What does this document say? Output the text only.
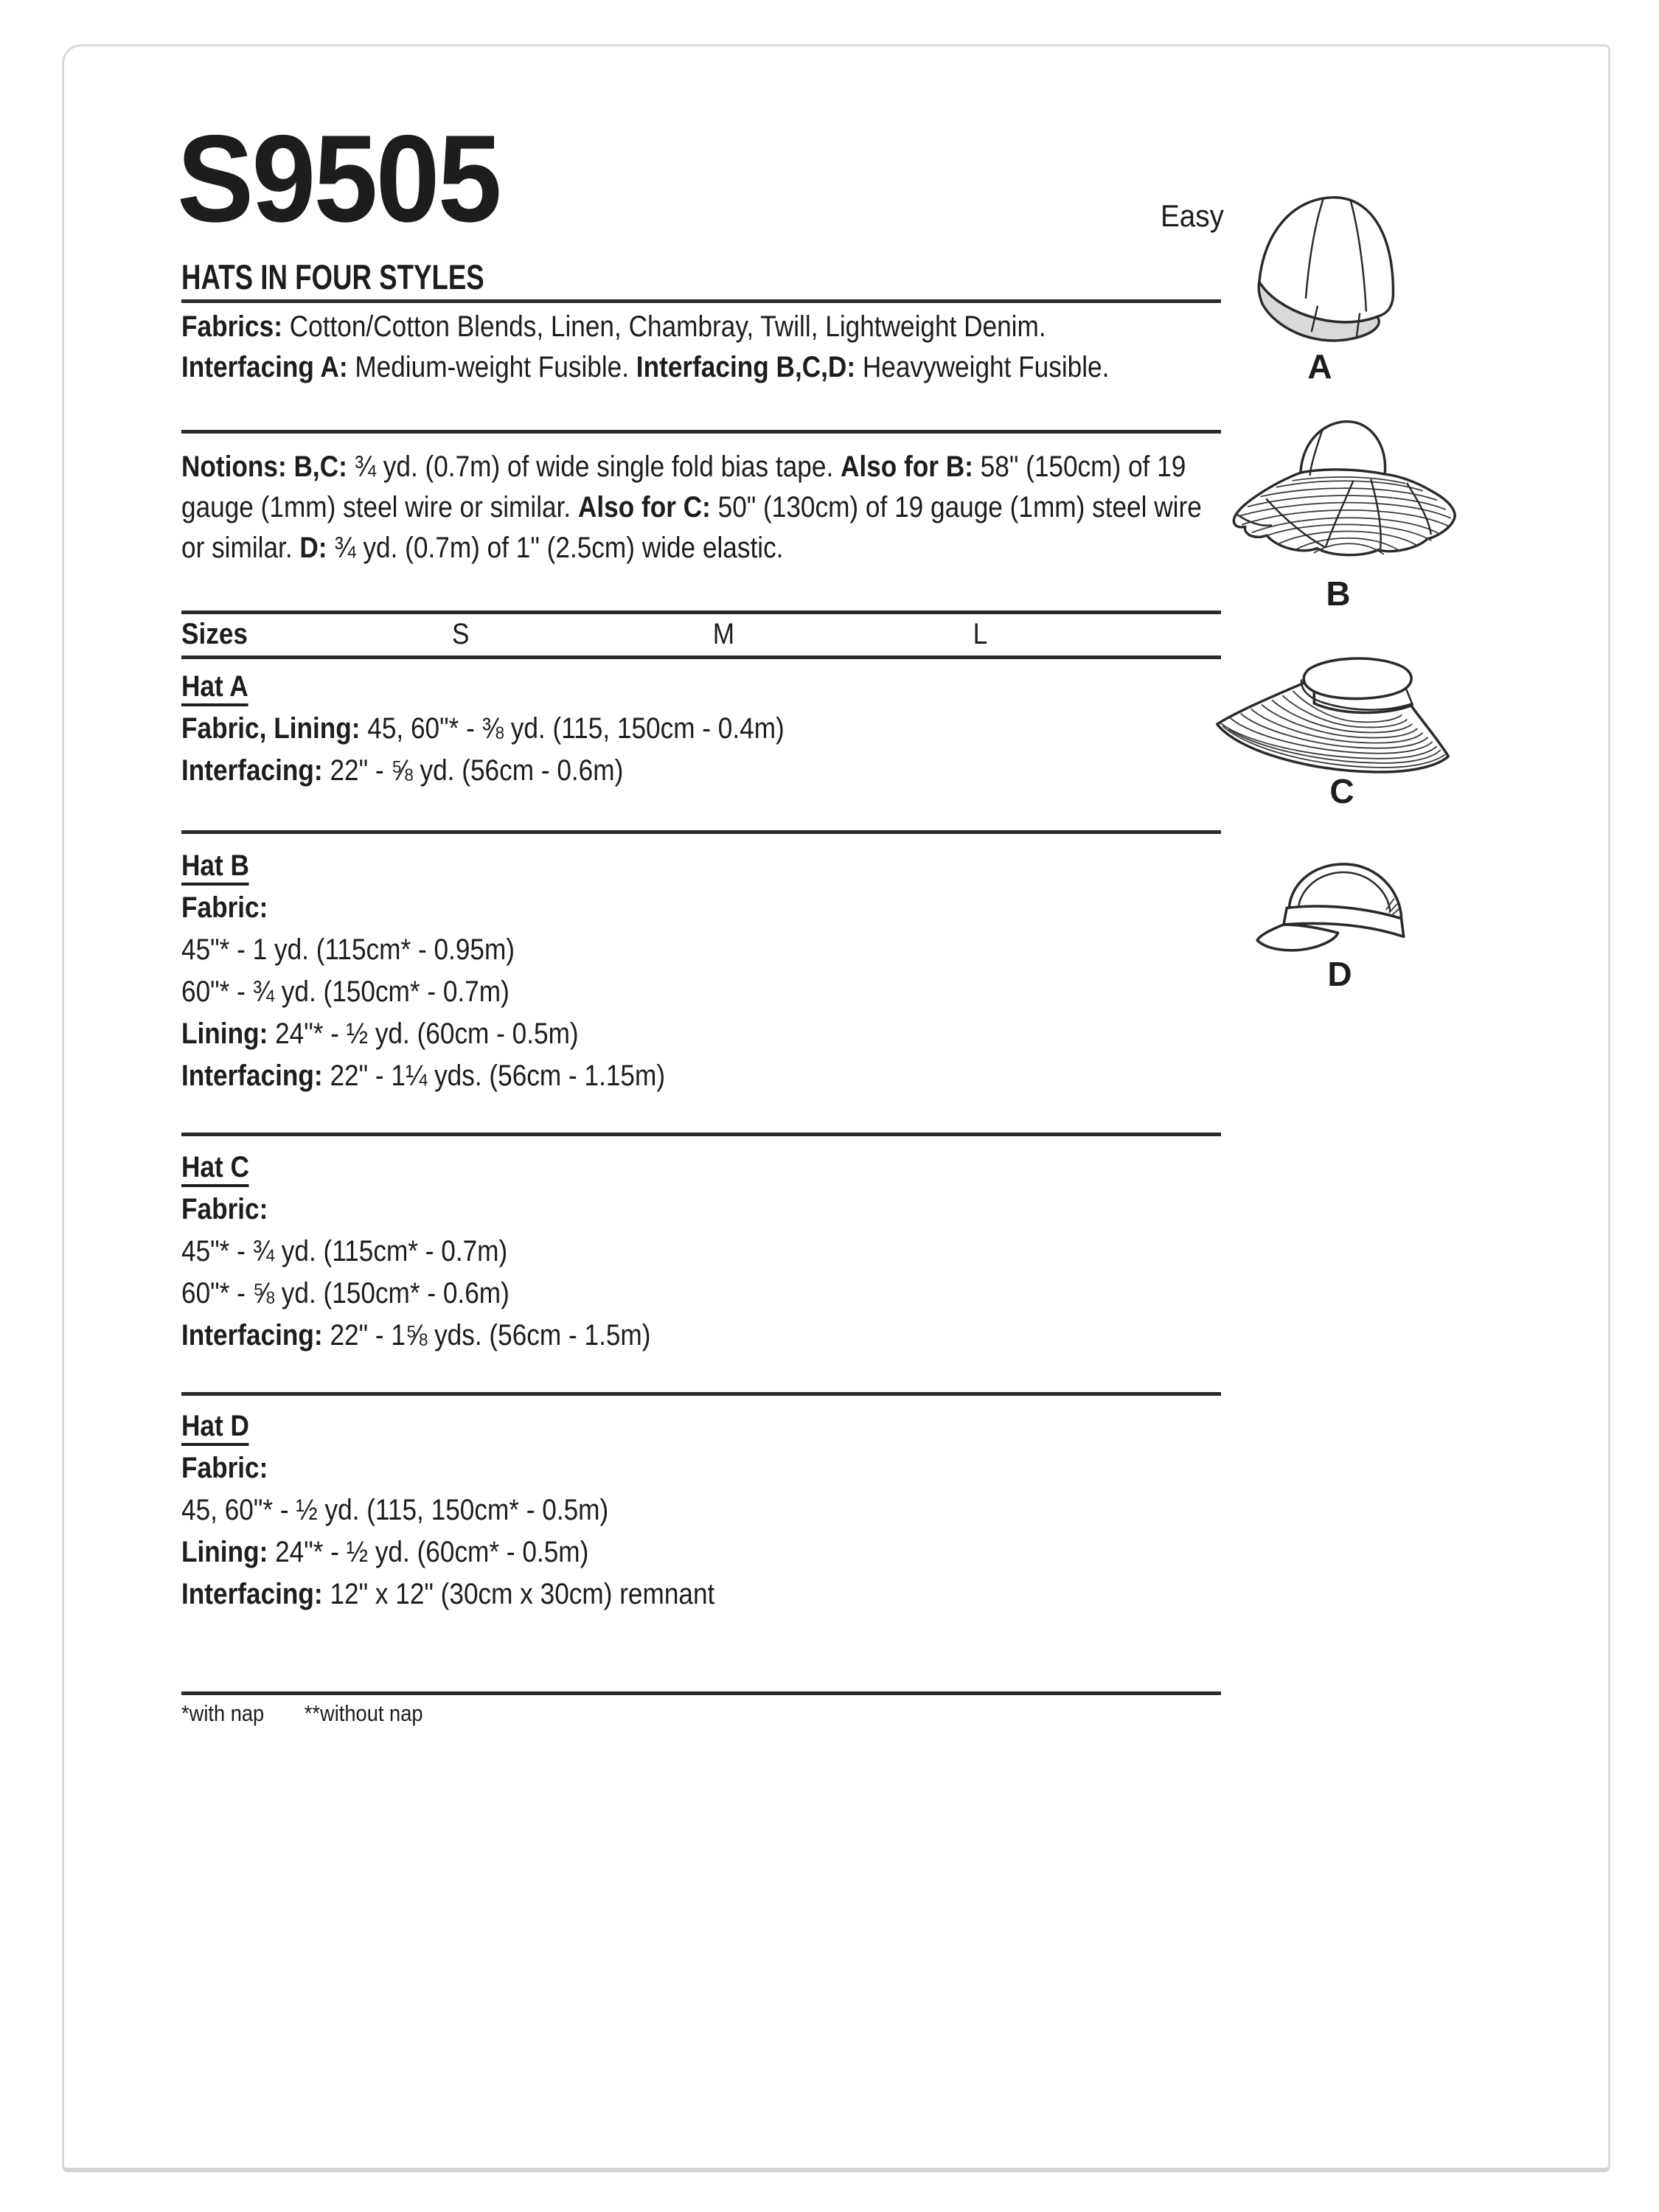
S9505	Easy
HATS IN FOUR STYLES
Fabrics: Cotton/Cotton Blends, Linen, Chambray, Twill, Lightweight Denim.
Interfacing A: Medium-weight Fusible. Interfacing B,C,D: Heavyweight Fusible.
Notions: B,C: ¾ yd. (0.7m) of wide single fold bias tape. Also for B: 58" (150cm) of 19 gauge (1mm) steel wire or similar. Also for C: 50" (130cm) of 19 gauge (1mm) steel wire or similar. D: ¾ yd. (0.7m) of 1" (2.5cm) wide elastic.
Sizes	S	M	L
Hat A
Fabric, Lining: 45, 60"* - ⅜ yd. (115, 150cm - 0.4m)
Interfacing: 22" - ⅝ yd. (56cm - 0.6m)
Hat B
Fabric:
45"* - 1 yd. (115cm* - 0.95m)
60"* - ¾ yd. (150cm* - 0.7m)
Lining: 24"* - ½ yd. (60cm - 0.5m)
Interfacing: 22" - 1¼ yds. (56cm - 1.15m)
Hat C
Fabric:
45"* - ¾ yd. (115cm* - 0.7m)
60"* - ⅝ yd. (150cm* - 0.6m)
Interfacing: 22" - 1⅝ yds. (56cm - 1.5m)
Hat D
Fabric:
45, 60"* - ½ yd. (115, 150cm* - 0.5m)
Lining: 24"* - ½ yd. (60cm* - 0.5m)
Interfacing: 12" x 12" (30cm x 30cm) remnant
*with nap **without nap
A
B
C
D
